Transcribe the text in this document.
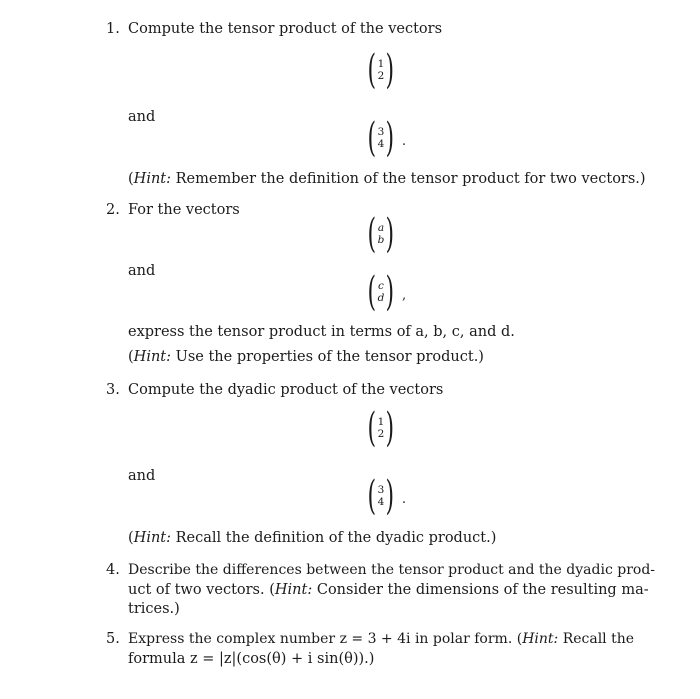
1. Compute the tensor product of the vectors
( 1
2 )
and	( 3
4 ) .
(Hint: Remember the definition of the tensor product for two vectors.)
2. For the vectors
( a
b )
and	( c
d ) ,
express the tensor product in terms of a, b, c, and d.
(Hint: Use the properties of the tensor product.)
3. Compute the dyadic product of the vectors
( 1
2 )
and	( 3
4 ) .
(Hint: Recall the definition of the dyadic product.)
4. Describe the differences between the tensor product and the dyadic prod-
uct of two vectors. (Hint: Consider the dimensions of the resulting ma-
trices.)
5. Express the complex number z = 3 + 4i in polar form. (Hint: Recall the
formula z = |z|(cos(θ) + i sin(θ)).)
